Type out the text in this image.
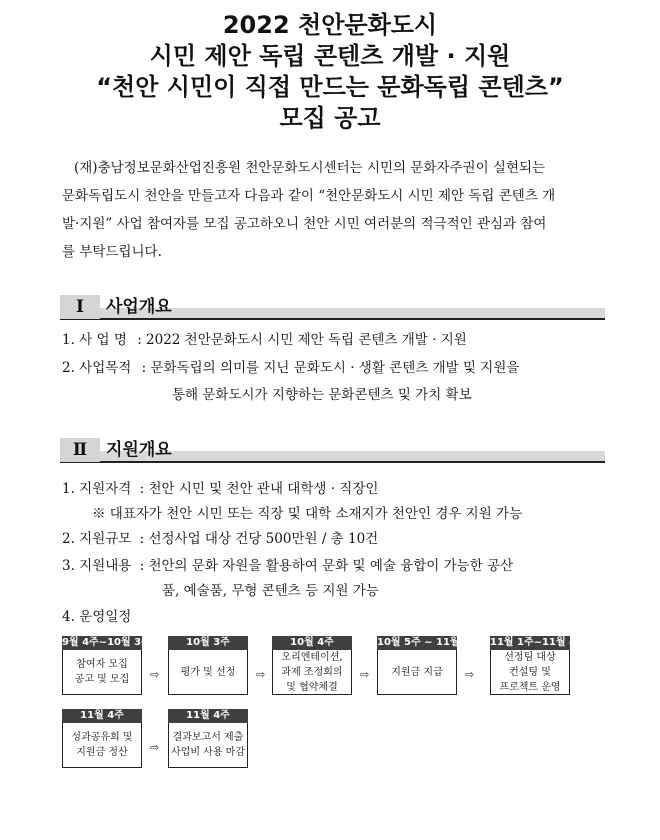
2022 천안문화도시
시민 제안 독립 콘텐츠 개발 · 지원
“천안 시민이 직접 만드는 문화독립 콘텐츠”
모집 공고
(재)충남정보문화산업진흥원 천안문화도시센터는 시민의 문화자주권이 실현되는
문화독립도시 천안을 만들고자 다음과 같이 “천안문화도시 시민 제안 독립 콘텐츠 개
발·지원” 사업 참여자를 모집 공고하오니 천안 시민 여러분의 적극적인 관심과 참여
를 부탁드립니다.
Ⅰ	사업개요
1. 사 업 명 : 2022 천안문화도시 시민 제안 독립 콘텐츠 개발 · 지원
2. 사업목적 : 문화독립의 의미를 지닌 문화도시 · 생활 콘텐츠 개발 및 지원을
통해 문화도시가 지향하는 문화콘텐츠 및 가치 확보
Ⅱ	지원개요
1. 지원자격 : 천안 시민 및 천안 관내 대학생 · 직장인
※ 대표자가 천안 시민 또는 직장 및 대학 소재지가 천안인 경우 지원 가능
2. 지원규모 : 선정사업 대상 건당 500만원 / 총 10건
3. 지원내용 : 천안의 문화 자원을 활용하여 문화 및 예술 융합이 가능한 공산
품, 예술품, 무형 콘텐츠 등 지원 가능
4. 운영일정
9월 4주~10월 3주
참여자 모집
공고 및 모집	⇨
10월 3주
평가 및 선정	⇨
10월 4주
오리엔테이션,
과제 조정회의
및 협약체결
⇨
10월 5주 ~ 11월 1주
지원금 지급	⇨
11월 1주~11월 4주
선정팀 대상
컨설팅 및
프로젝트 운영
11월 4주
성과공유회 및
지원금 정산	⇨
11월 4주
결과보고서 제출
사업비 사용 마감
